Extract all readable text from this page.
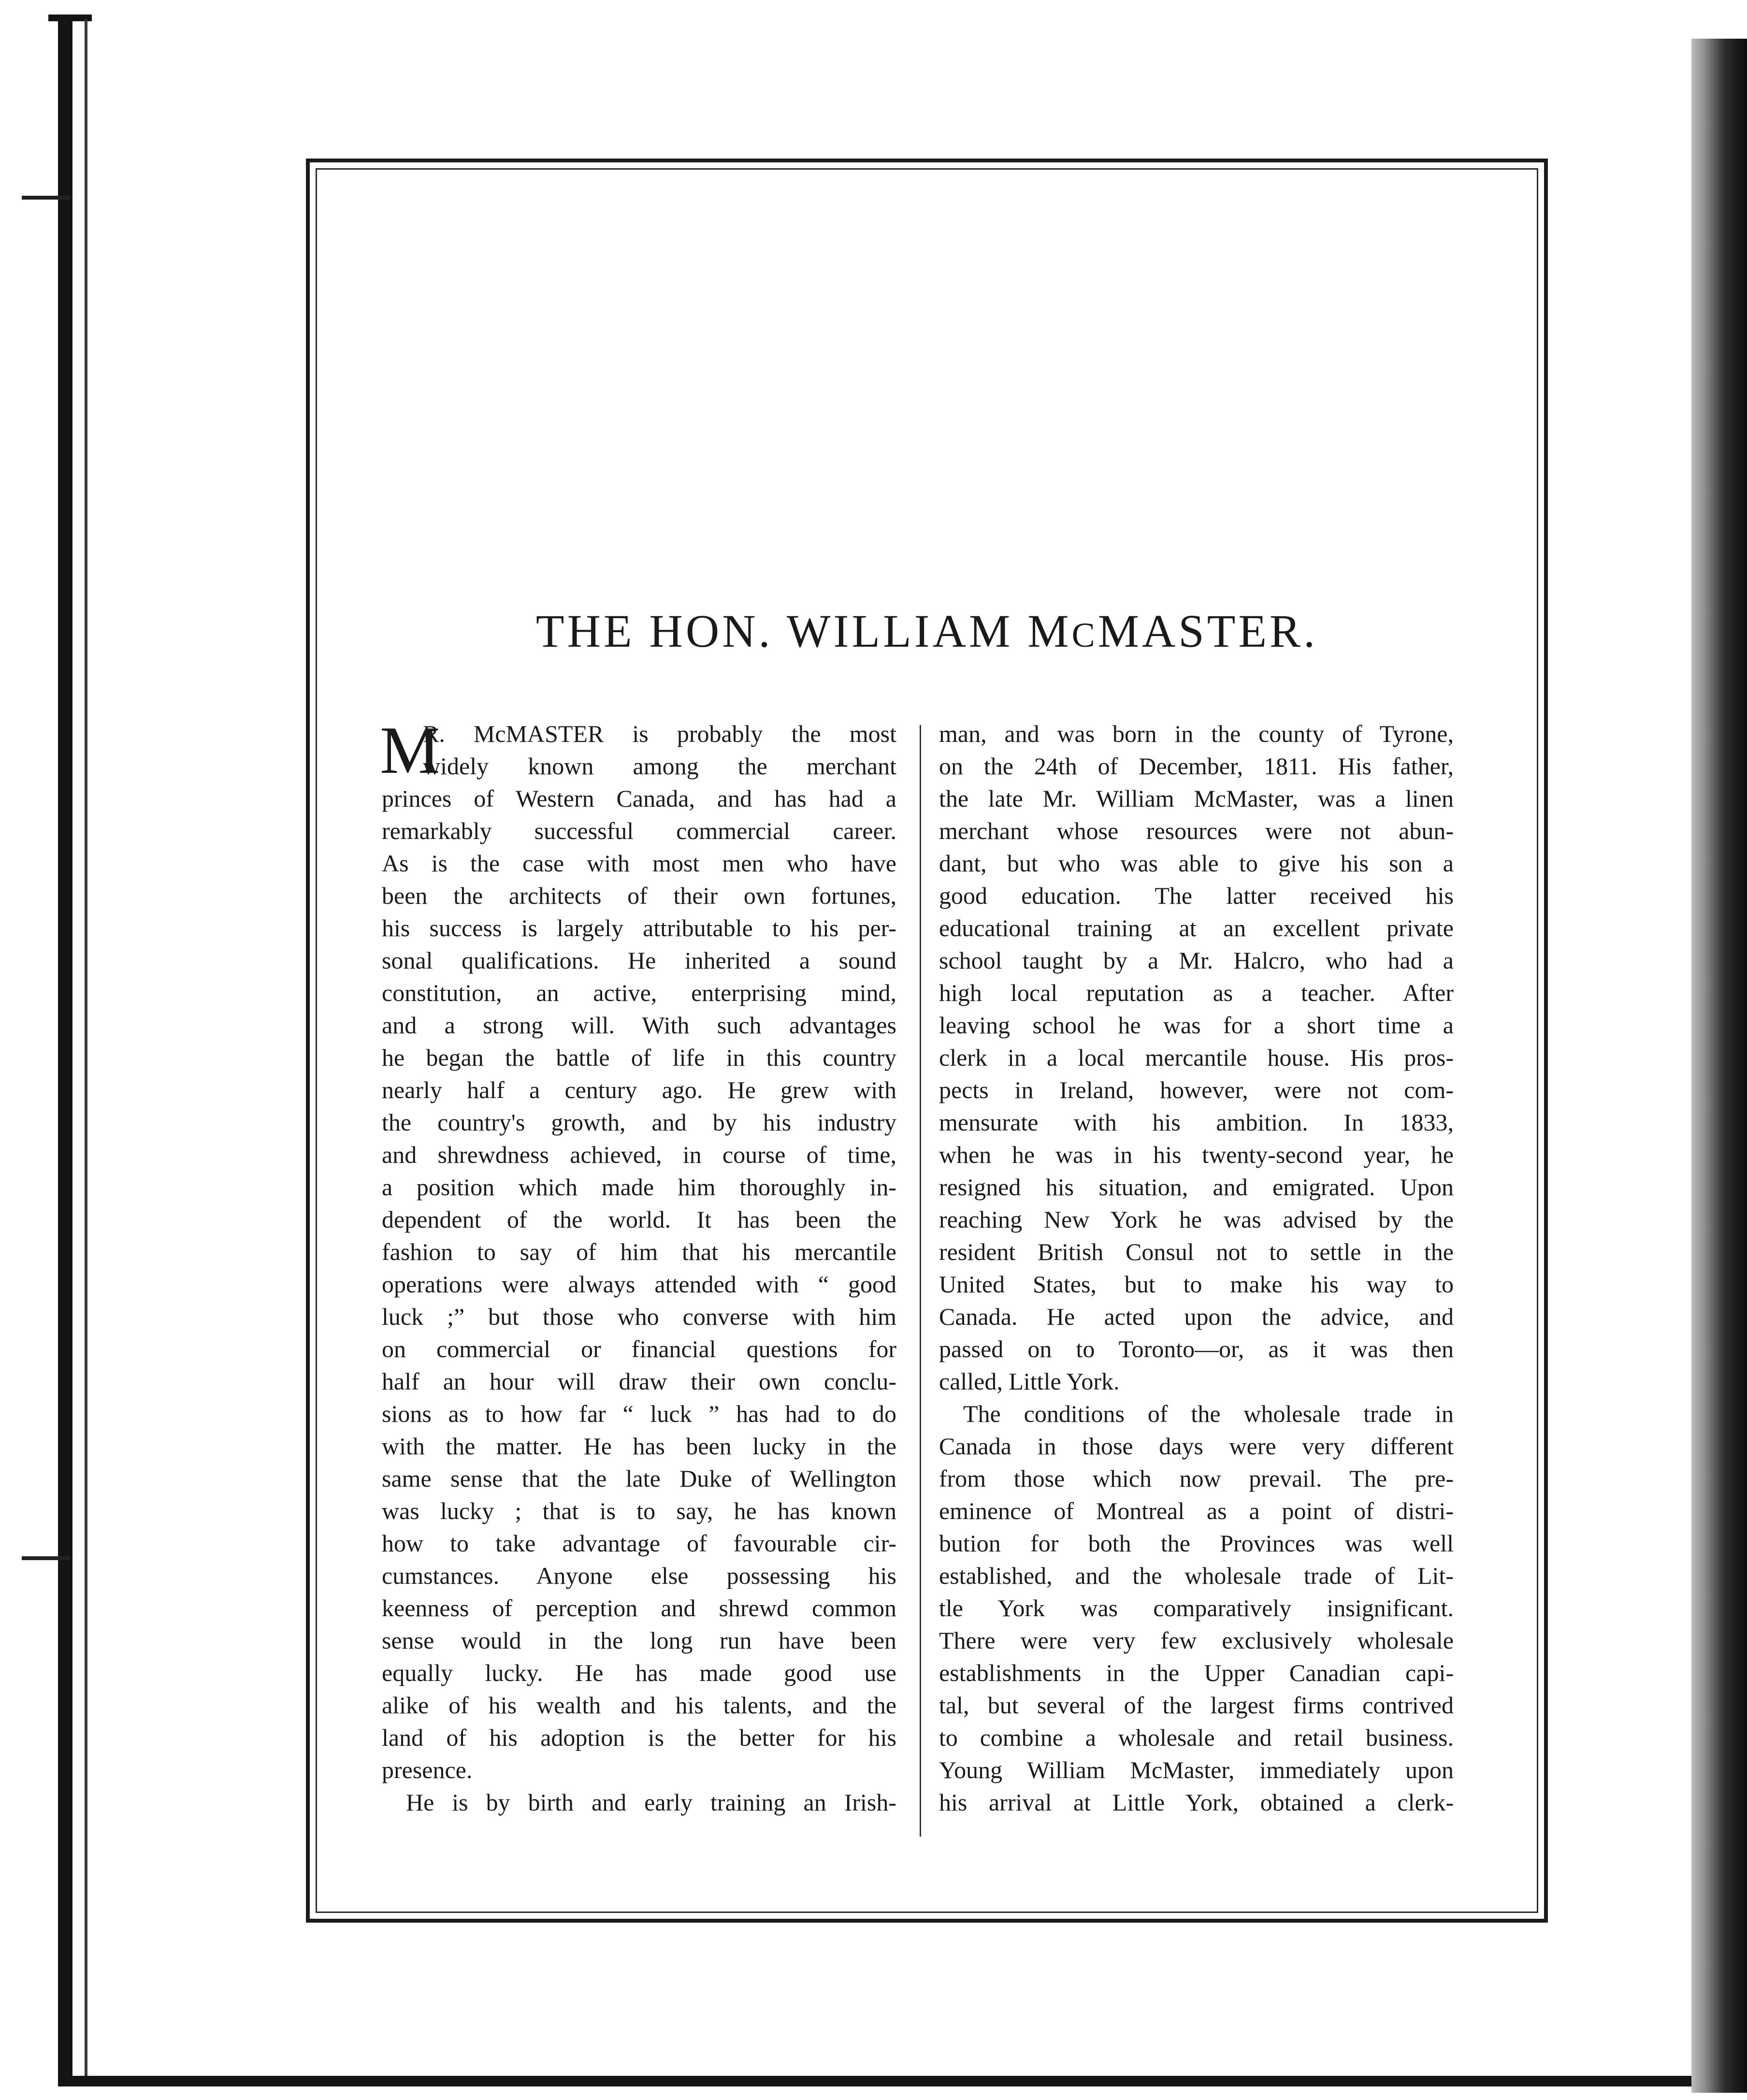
THE HON. WILLIAM MCMASTER.
M
R. McMASTER is probably the most
widely known among the merchant
princes of Western Canada, and has had a
remarkably successful commercial career.
As is the case with most men who have
been the architects of their own fortunes,
his success is largely attributable to his per-
sonal qualifications. He inherited a sound
constitution, an active, enterprising mind,
and a strong will. With such advantages
he began the battle of life in this country
nearly half a century ago. He grew with
the country's growth, and by his industry
and shrewdness achieved, in course of time,
a position which made him thoroughly in-
dependent of the world. It has been the
fashion to say of him that his mercantile
operations were always attended with “ good
luck ;” but those who converse with him
on commercial or financial questions for
half an hour will draw their own conclu-
sions as to how far “ luck ” has had to do
with the matter. He has been lucky in the
same sense that the late Duke of Wellington
was lucky ; that is to say, he has known
how to take advantage of favourable cir-
cumstances. Anyone else possessing his
keenness of perception and shrewd common
sense would in the long run have been
equally lucky. He has made good use
alike of his wealth and his talents, and the
land of his adoption is the better for his
presence.
He is by birth and early training an Irish-
man, and was born in the county of Tyrone,
on the 24th of December, 1811. His father,
the late Mr. William McMaster, was a linen
merchant whose resources were not abun-
dant, but who was able to give his son a
good education. The latter received his
educational training at an excellent private
school taught by a Mr. Halcro, who had a
high local reputation as a teacher. After
leaving school he was for a short time a
clerk in a local mercantile house. His pros-
pects in Ireland, however, were not com-
mensurate with his ambition. In 1833,
when he was in his twenty-second year, he
resigned his situation, and emigrated. Upon
reaching New York he was advised by the
resident British Consul not to settle in the
United States, but to make his way to
Canada. He acted upon the advice, and
passed on to Toronto—or, as it was then
called, Little York.
The conditions of the wholesale trade in
Canada in those days were very different
from those which now prevail. The pre-
eminence of Montreal as a point of distri-
bution for both the Provinces was well
established, and the wholesale trade of Lit-
tle York was comparatively insignificant.
There were very few exclusively wholesale
establishments in the Upper Canadian capi-
tal, but several of the largest firms contrived
to combine a wholesale and retail business.
Young William McMaster, immediately upon
his arrival at Little York, obtained a clerk-
